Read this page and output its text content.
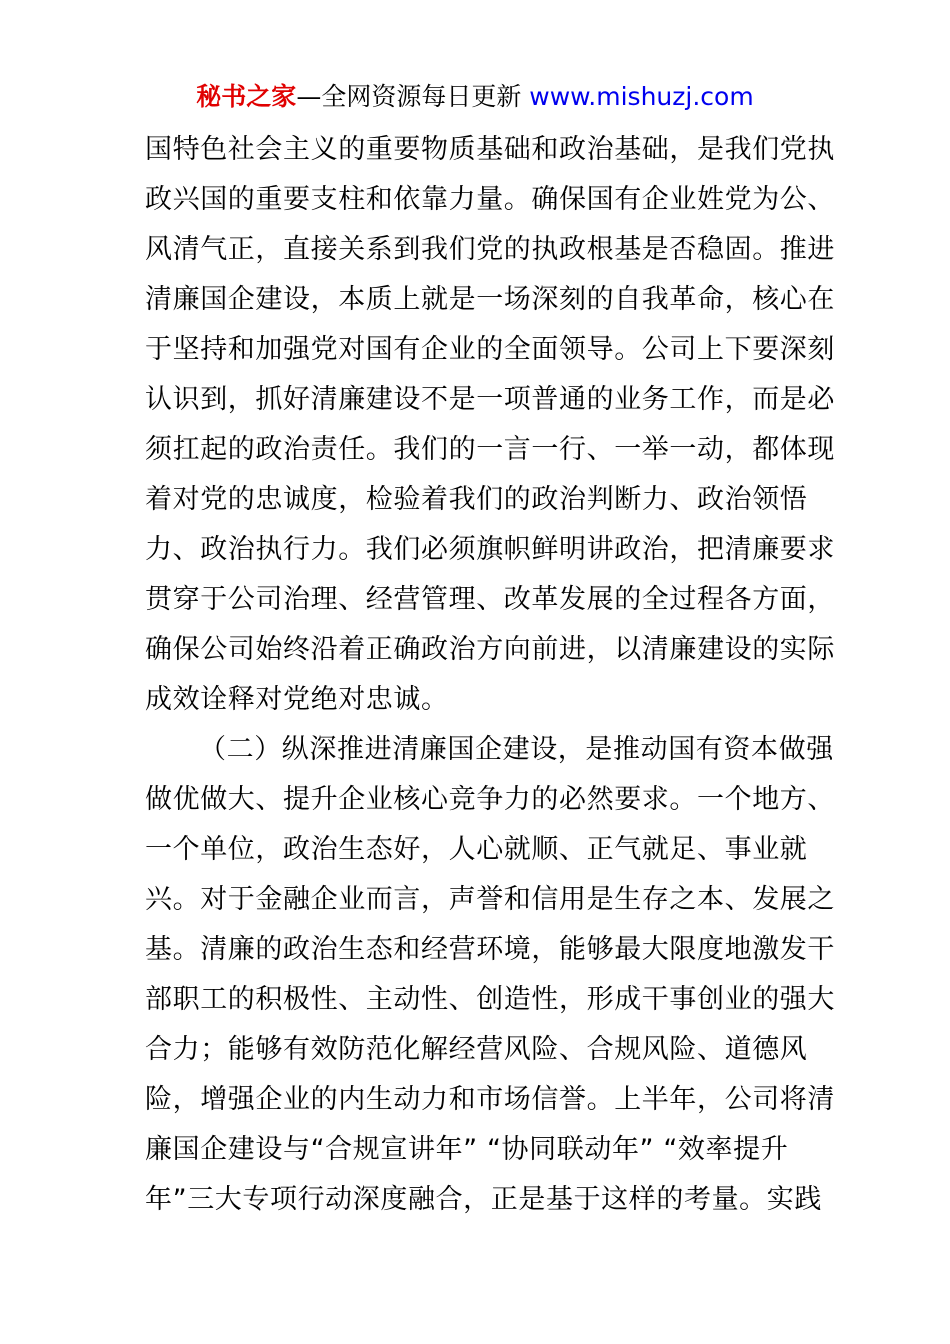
秘书之家—全网资源每日更新 www.mishuzj.com
国特色社会主义的重要物质基础和政治基础，是我们党执
政兴国的重要支柱和依靠力量。确保国有企业姓党为公、
风清气正，直接关系到我们党的执政根基是否稳固。推进
清廉国企建设，本质上就是一场深刻的自我革命，核心在
于坚持和加强党对国有企业的全面领导。公司上下要深刻
认识到，抓好清廉建设不是一项普通的业务工作，而是必
须扛起的政治责任。我们的一言一行、一举一动，都体现
着对党的忠诚度，检验着我们的政治判断力、政治领悟
力、政治执行力。我们必须旗帜鲜明讲政治，把清廉要求
贯穿于公司治理、经营管理、改革发展的全过程各方面，
确保公司始终沿着正确政治方向前进，以清廉建设的实际
成效诠释对党绝对忠诚。
（二）纵深推进清廉国企建设，是推动国有资本做强
做优做大、提升企业核心竞争力的必然要求。一个地方、
一个单位，政治生态好，人心就顺、正气就足、事业就
兴。对于金融企业而言，声誉和信用是生存之本、发展之
基。清廉的政治生态和经营环境，能够最大限度地激发干
部职工的积极性、主动性、创造性，形成干事创业的强大
合力；能够有效防范化解经营风险、合规风险、道德风
险，增强企业的内生动力和市场信誉。上半年，公司将清
廉国企建设与“合规宣讲年” “协同联动年” “效率提升
年”三大专项行动深度融合，正是基于这样的考量。实践
